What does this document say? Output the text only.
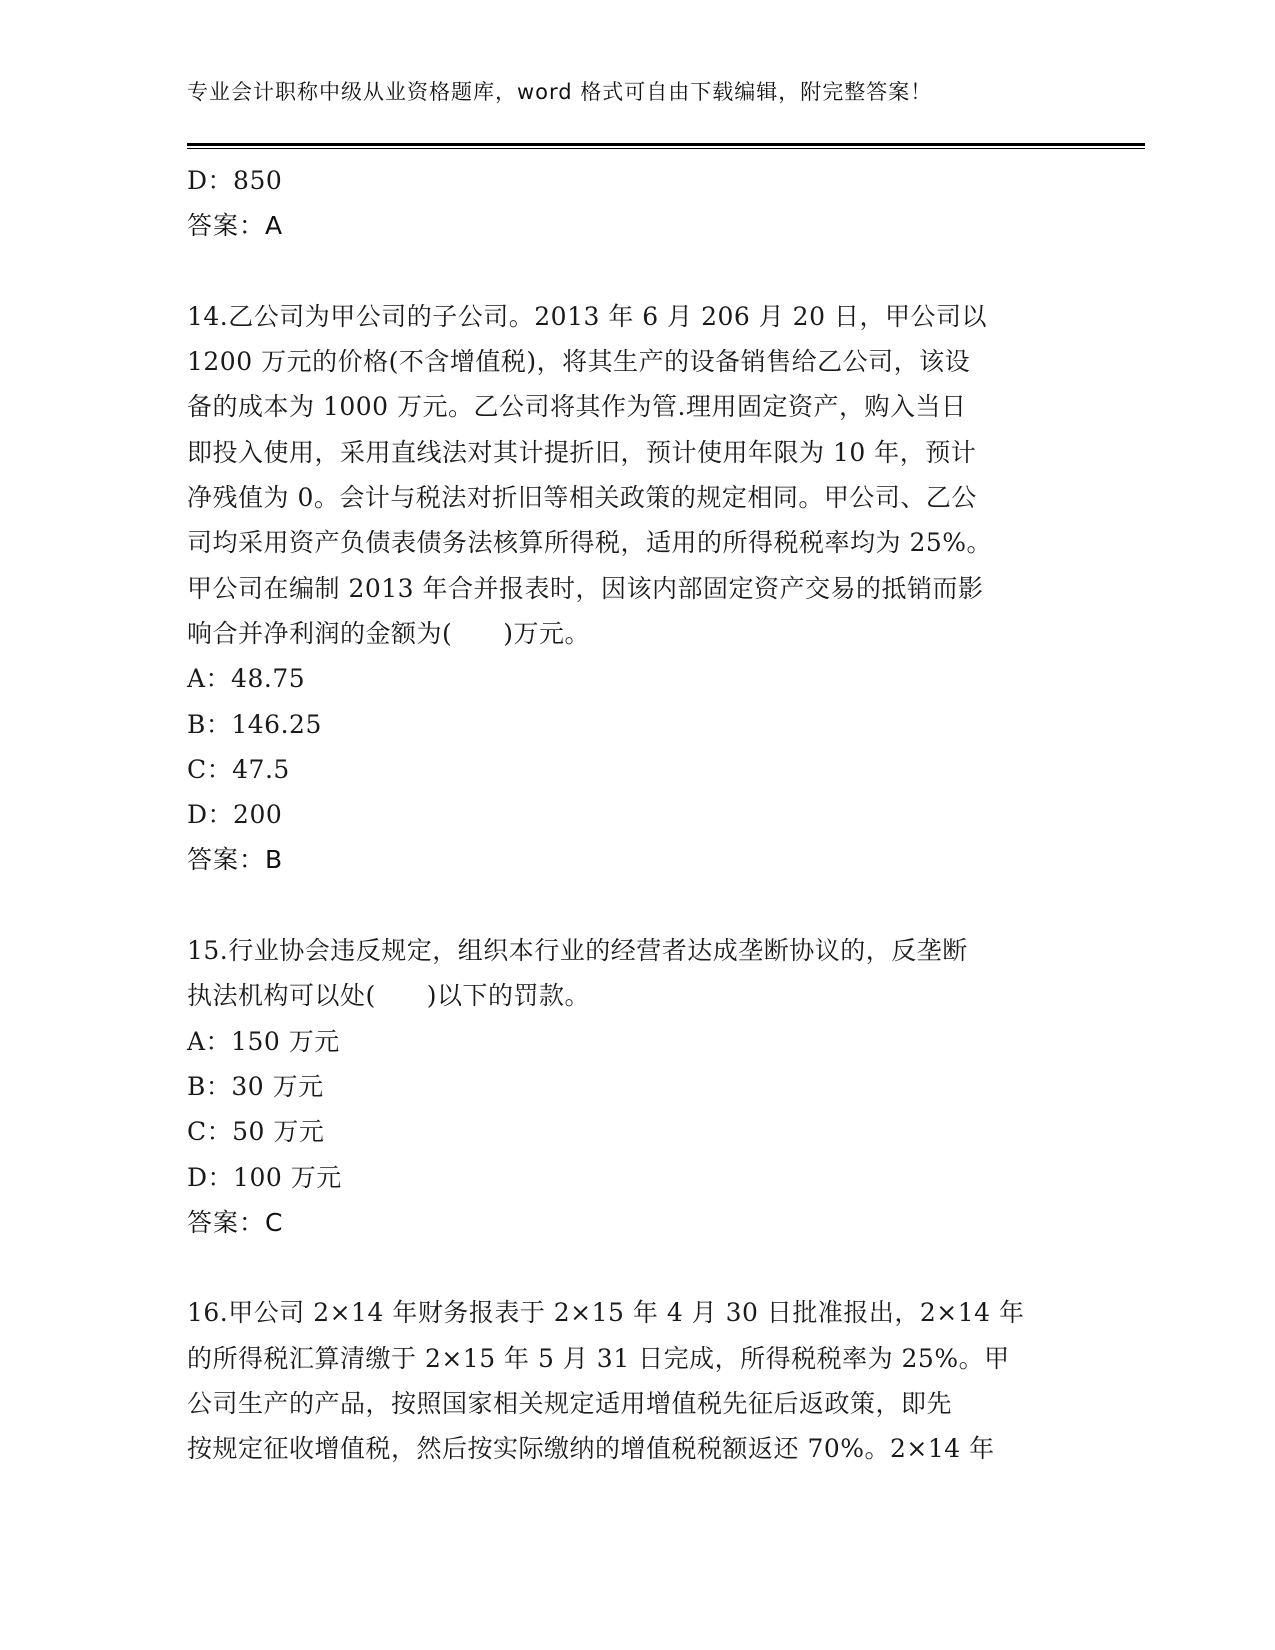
专业会计职称中级从业资格题库，word 格式可自由下载编辑，附完整答案！
D：850
答案：A
14.乙公司为甲公司的子公司。2013 年 6 月 206 月 20 日，甲公司以
1200 万元的价格(不含增值税)，将其生产的设备销售给乙公司，该设
备的成本为 1000 万元。乙公司将其作为管.理用固定资产，购入当日
即投入使用，采用直线法对其计提折旧，预计使用年限为 10 年，预计
净残值为 0。会计与税法对折旧等相关政策的规定相同。甲公司、乙公
司均采用资产负债表债务法核算所得税，适用的所得税税率均为 25%。
甲公司在编制 2013 年合并报表时，因该内部固定资产交易的抵销而影
响合并净利润的金额为(　　)万元。
A：48.75
B：146.25
C：47.5
D：200
答案：B
15.行业协会违反规定，组织本行业的经营者达成垄断协议的，反垄断
执法机构可以处(　　)以下的罚款。
A：150 万元
B：30 万元
C：50 万元
D：100 万元
答案：C
16.甲公司 2×14 年财务报表于 2×15 年 4 月 30 日批准报出，2×14 年
的所得税汇算清缴于 2×15 年 5 月 31 日完成，所得税税率为 25%。甲
公司生产的产品，按照国家相关规定适用增值税先征后返政策，即先
按规定征收增值税，然后按实际缴纳的增值税税额返还 70%。2×14 年
